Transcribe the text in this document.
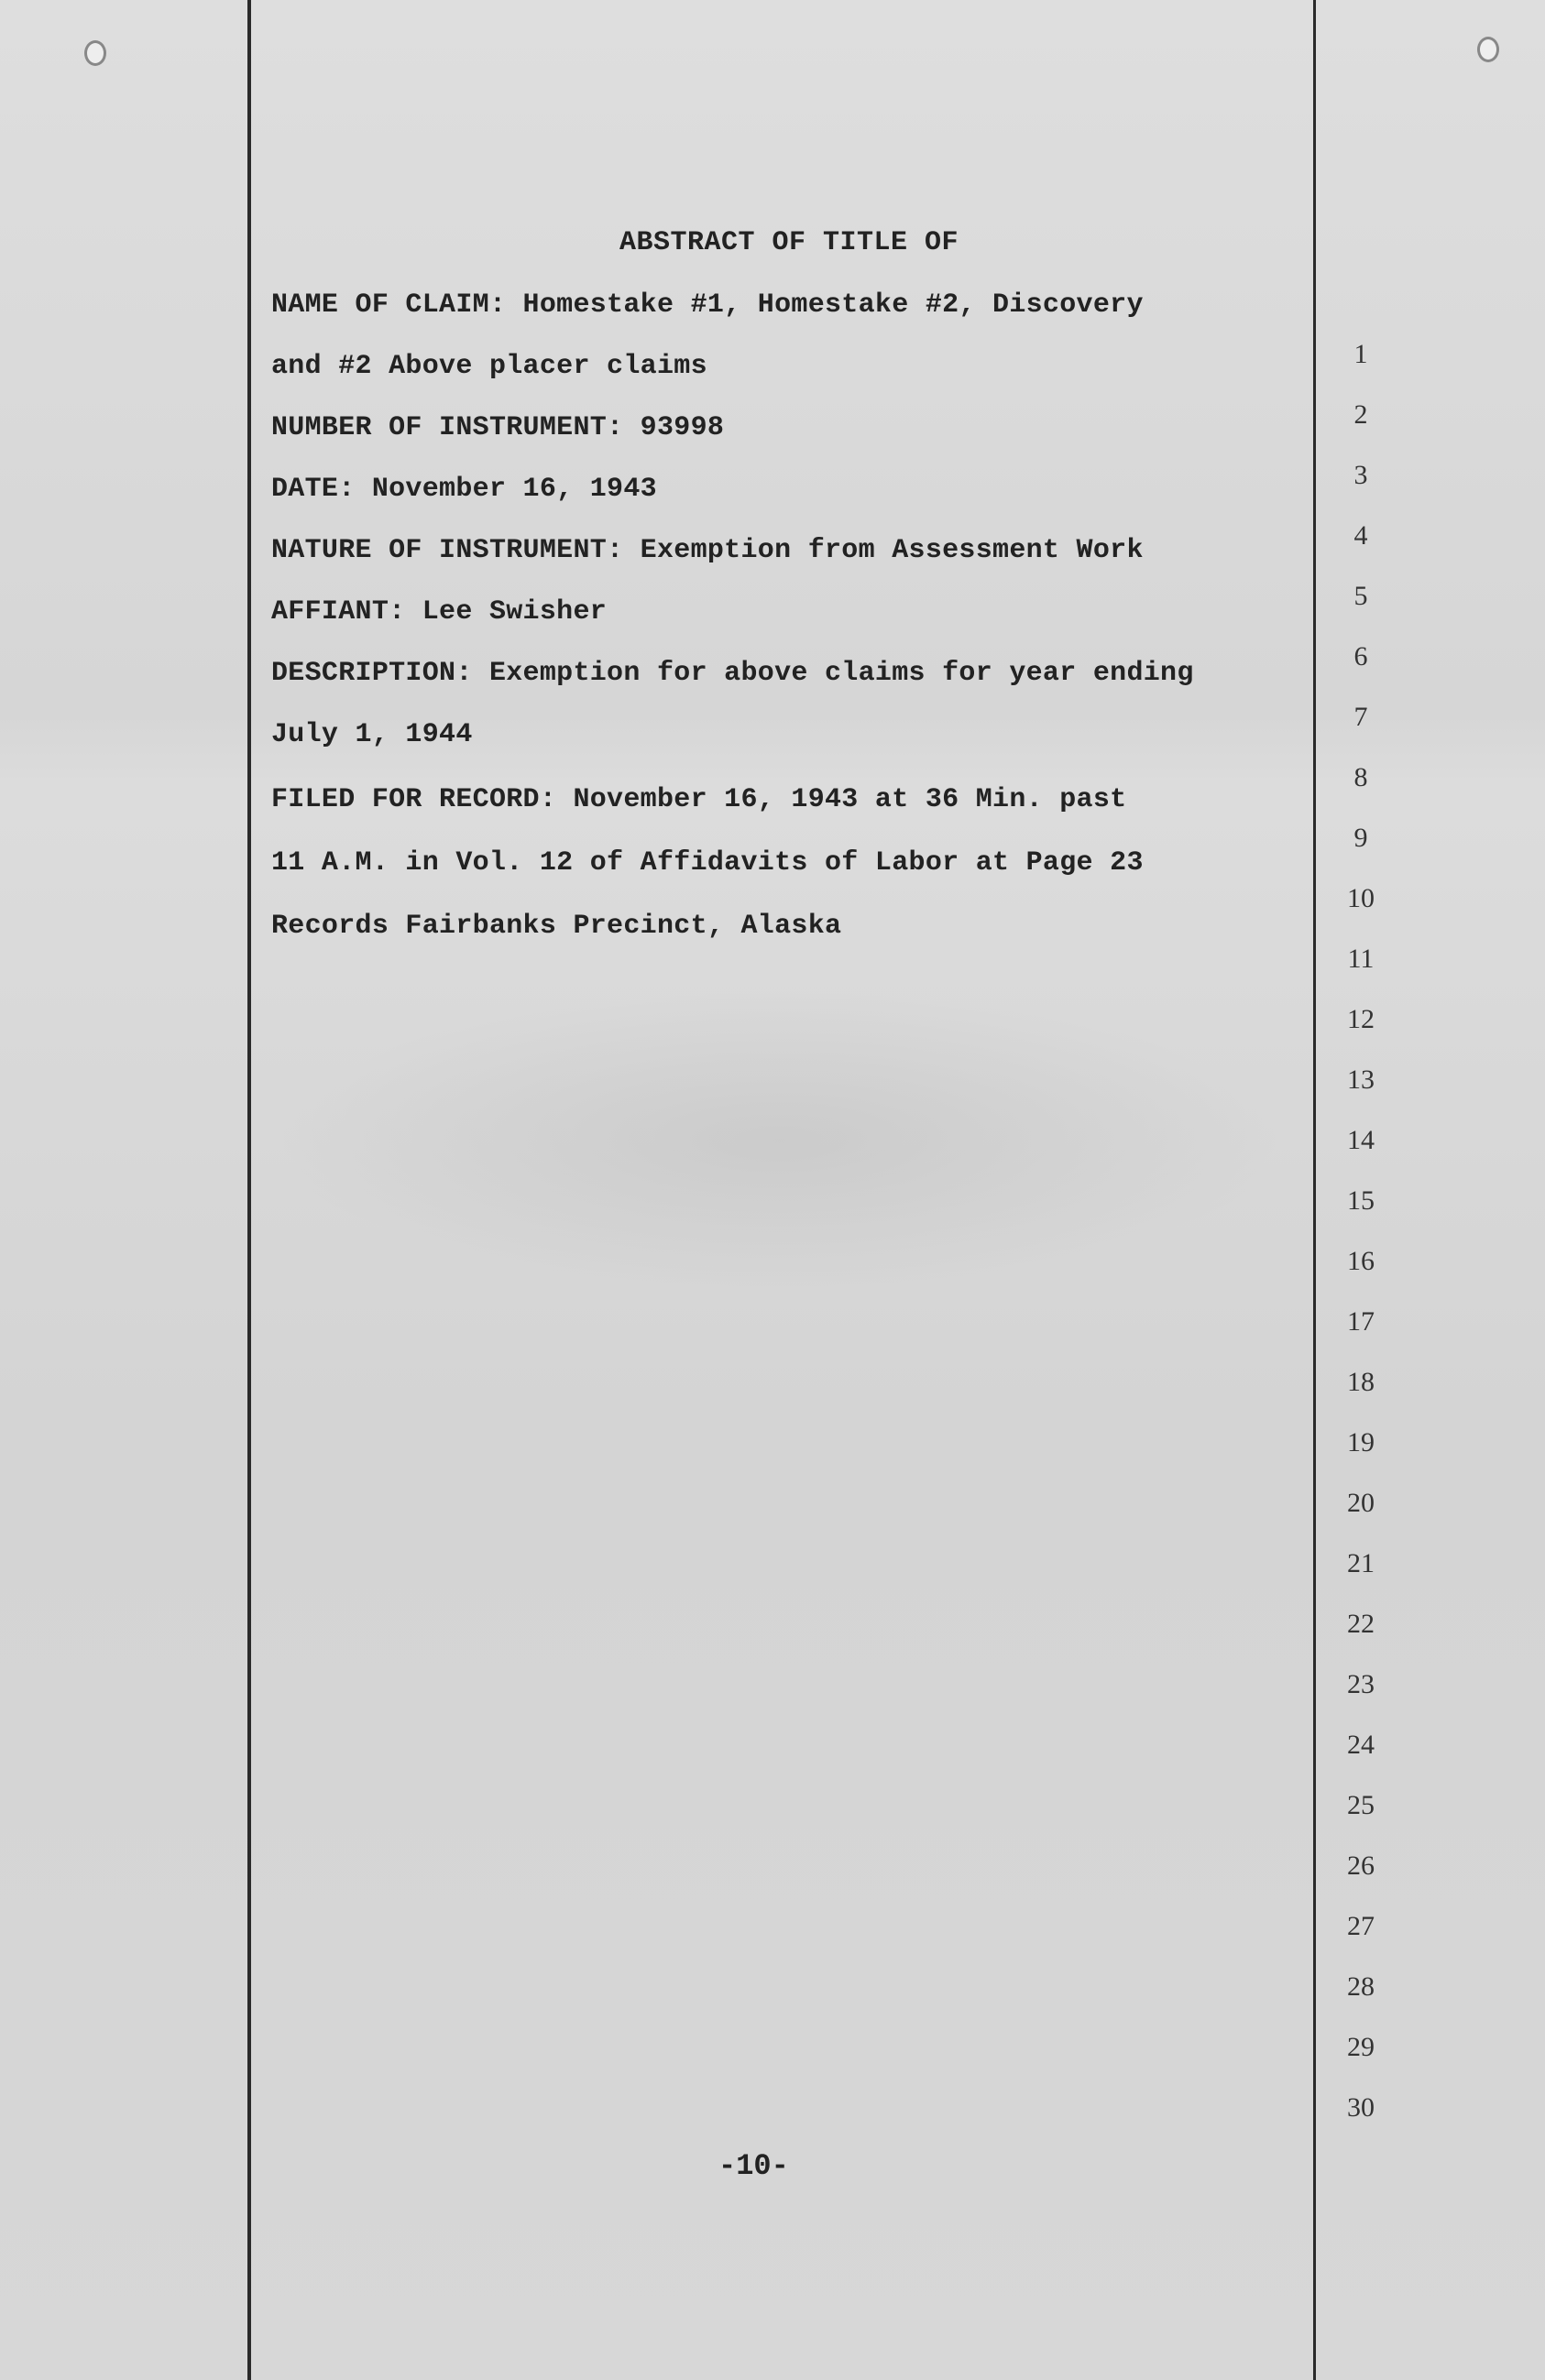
ABSTRACT OF TITLE OF
NAME OF CLAIM: Homestake #1, Homestake #2, Discovery
and #2 Above placer claims
NUMBER OF INSTRUMENT: 93998
DATE: November 16, 1943
NATURE OF INSTRUMENT: Exemption from Assessment Work
AFFIANT: Lee Swisher
DESCRIPTION: Exemption for above claims for year ending
July 1, 1944
FILED FOR RECORD: November 16, 1943 at 36 Min. past
11 A.M. in Vol. 12 of Affidavits of Labor at Page 23
Records Fairbanks Precinct, Alaska
1
2
3
4
5
6
7
8
9
10
11
12
13
14
15
16
17
18
19
20
21
22
23
24
25
26
27
28
29
30
-10-
